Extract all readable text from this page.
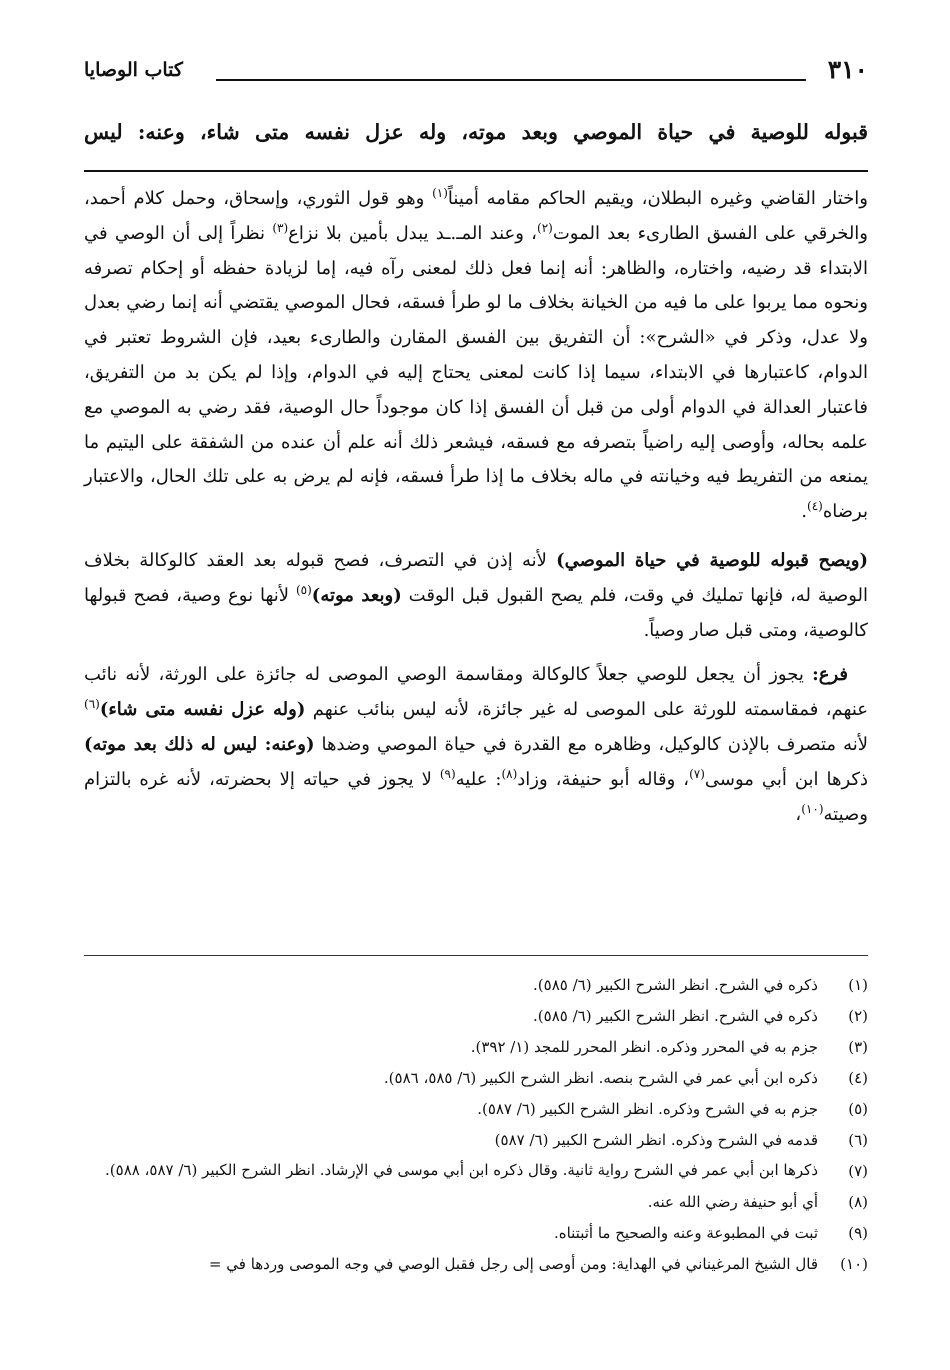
٣١٠
كتاب الوصايا
قبوله للوصية في حياة الموصي وبعد موته، وله عزل نفسه متى شاء، وعنه: ليس

واختار القاضي وغيره البطلان، ويقيم الحاكم مقامه أميناً$^{(١)}$ وهو قول الثوري، وإسحاق، وحمل كلام أحمد، والخرقي على الفسق الطارىء بعد الموت$^{(٢)}$، وعند المـ.ـد يبدل بأمين بلا نزاع$^{(٣)}$ نظراً إلى أن الوصي في الابتداء قد رضيه، واختاره، والظاهر: أنه إنما فعل ذلك لمعنى رآه فيه، إما لزيادة حفظه أو إحكام تصرفه ونحوه مما يربوا على ما فيه من الخيانة بخلاف ما لو طرأ فسقه، فحال الموصي يقتضي أنه إنما رضي بعدل ولا عدل، وذكر في «الشرح»: أن التفريق بين الفسق المقارن والطارىء بعيد، فإن الشروط تعتبر في الدوام، كاعتبارها في الابتداء، سيما إذا كانت لمعنى يحتاج إليه في الدوام، وإذا لم يكن بد من التفريق، فاعتبار العدالة في الدوام أولى من قبل أن الفسق إذا كان موجوداً حال الوصية، فقد رضي به الموصي مع علمه بحاله، وأوصى إليه راضياً بتصرفه مع فسقه، فيشعر ذلك أنه علم أن عنده من الشفقة على اليتيم ما يمنعه من التفريط فيه وخيانته في ماله بخلاف ما إذا طرأ فسقه، فإنه لم يرض به على تلك الحال، والاعتبار برضاه$^{(٤)}$.

(ويصح قبوله للوصية في حياة الموصي) لأنه إذن في التصرف، فصح قبوله بعد العقد كالوكالة بخلاف الوصية له، فإنها تمليك في وقت، فلم يصح القبول قبل الوقت (وبعد موته)$^{(٥)}$ لأنها نوع وصية، فصح قبولها كالوصية، ومتى قبل صار وصياً.

فرع: يجوز أن يجعل للوصي جعلاً كالوكالة ومقاسمة الوصي الموصى له جائزة على الورثة، لأنه نائب عنهم، فمقاسمته للورثة على الموصى له غير جائزة، لأنه ليس بنائب عنهم (وله عزل نفسه متى شاء)$^{(٦)}$ لأنه متصرف بالإذن كالوكيل، وظاهره مع القدرة في حياة الموصي وضدها (وعنه: ليس له ذلك بعد موته) ذكرها ابن أبي موسى$^{(٧)}$، وقاله أبو حنيفة، وزاد$^{(٨)}$: عليه$^{(٩)}$ لا يجوز في حياته إلا بحضرته، لأنه غره بالتزام وصيته$^{(١٠)}$،

(١)
ذكره في الشرح. انظر الشرح الكبير (٦/ ٥٨٥).
(٢)
ذكره في الشرح. انظر الشرح الكبير (٦/ ٥٨٥).
(٣)
جزم به في المحرر وذكره. انظر المحرر للمجد (١/ ٣٩٢).
(٤)
ذكره ابن أبي عمر في الشرح بنصه. انظر الشرح الكبير (٦/ ٥٨٥، ٥٨٦).
(٥)
جزم به في الشرح وذكره. انظر الشرح الكبير (٦/ ٥٨٧).
(٦)
قدمه في الشرح وذكره. انظر الشرح الكبير (٦/ ٥٨٧)
(٧)
ذكرها ابن أبي عمر في الشرح رواية ثانية. وقال ذكره ابن أبي موسى في الإرشاد. انظر الشرح الكبير (٦/ ٥٨٧، ٥٨٨).
(٨)
أي أبو حنيفة رضي الله عنه.
(٩)
ثبت في المطبوعة وعنه والصحيح ما أثبتناه.
(١٠)
قال الشيخ المرغيناني في الهداية: ومن أوصى إلى رجل فقبل الوصي في وجه الموصى وردها في =
